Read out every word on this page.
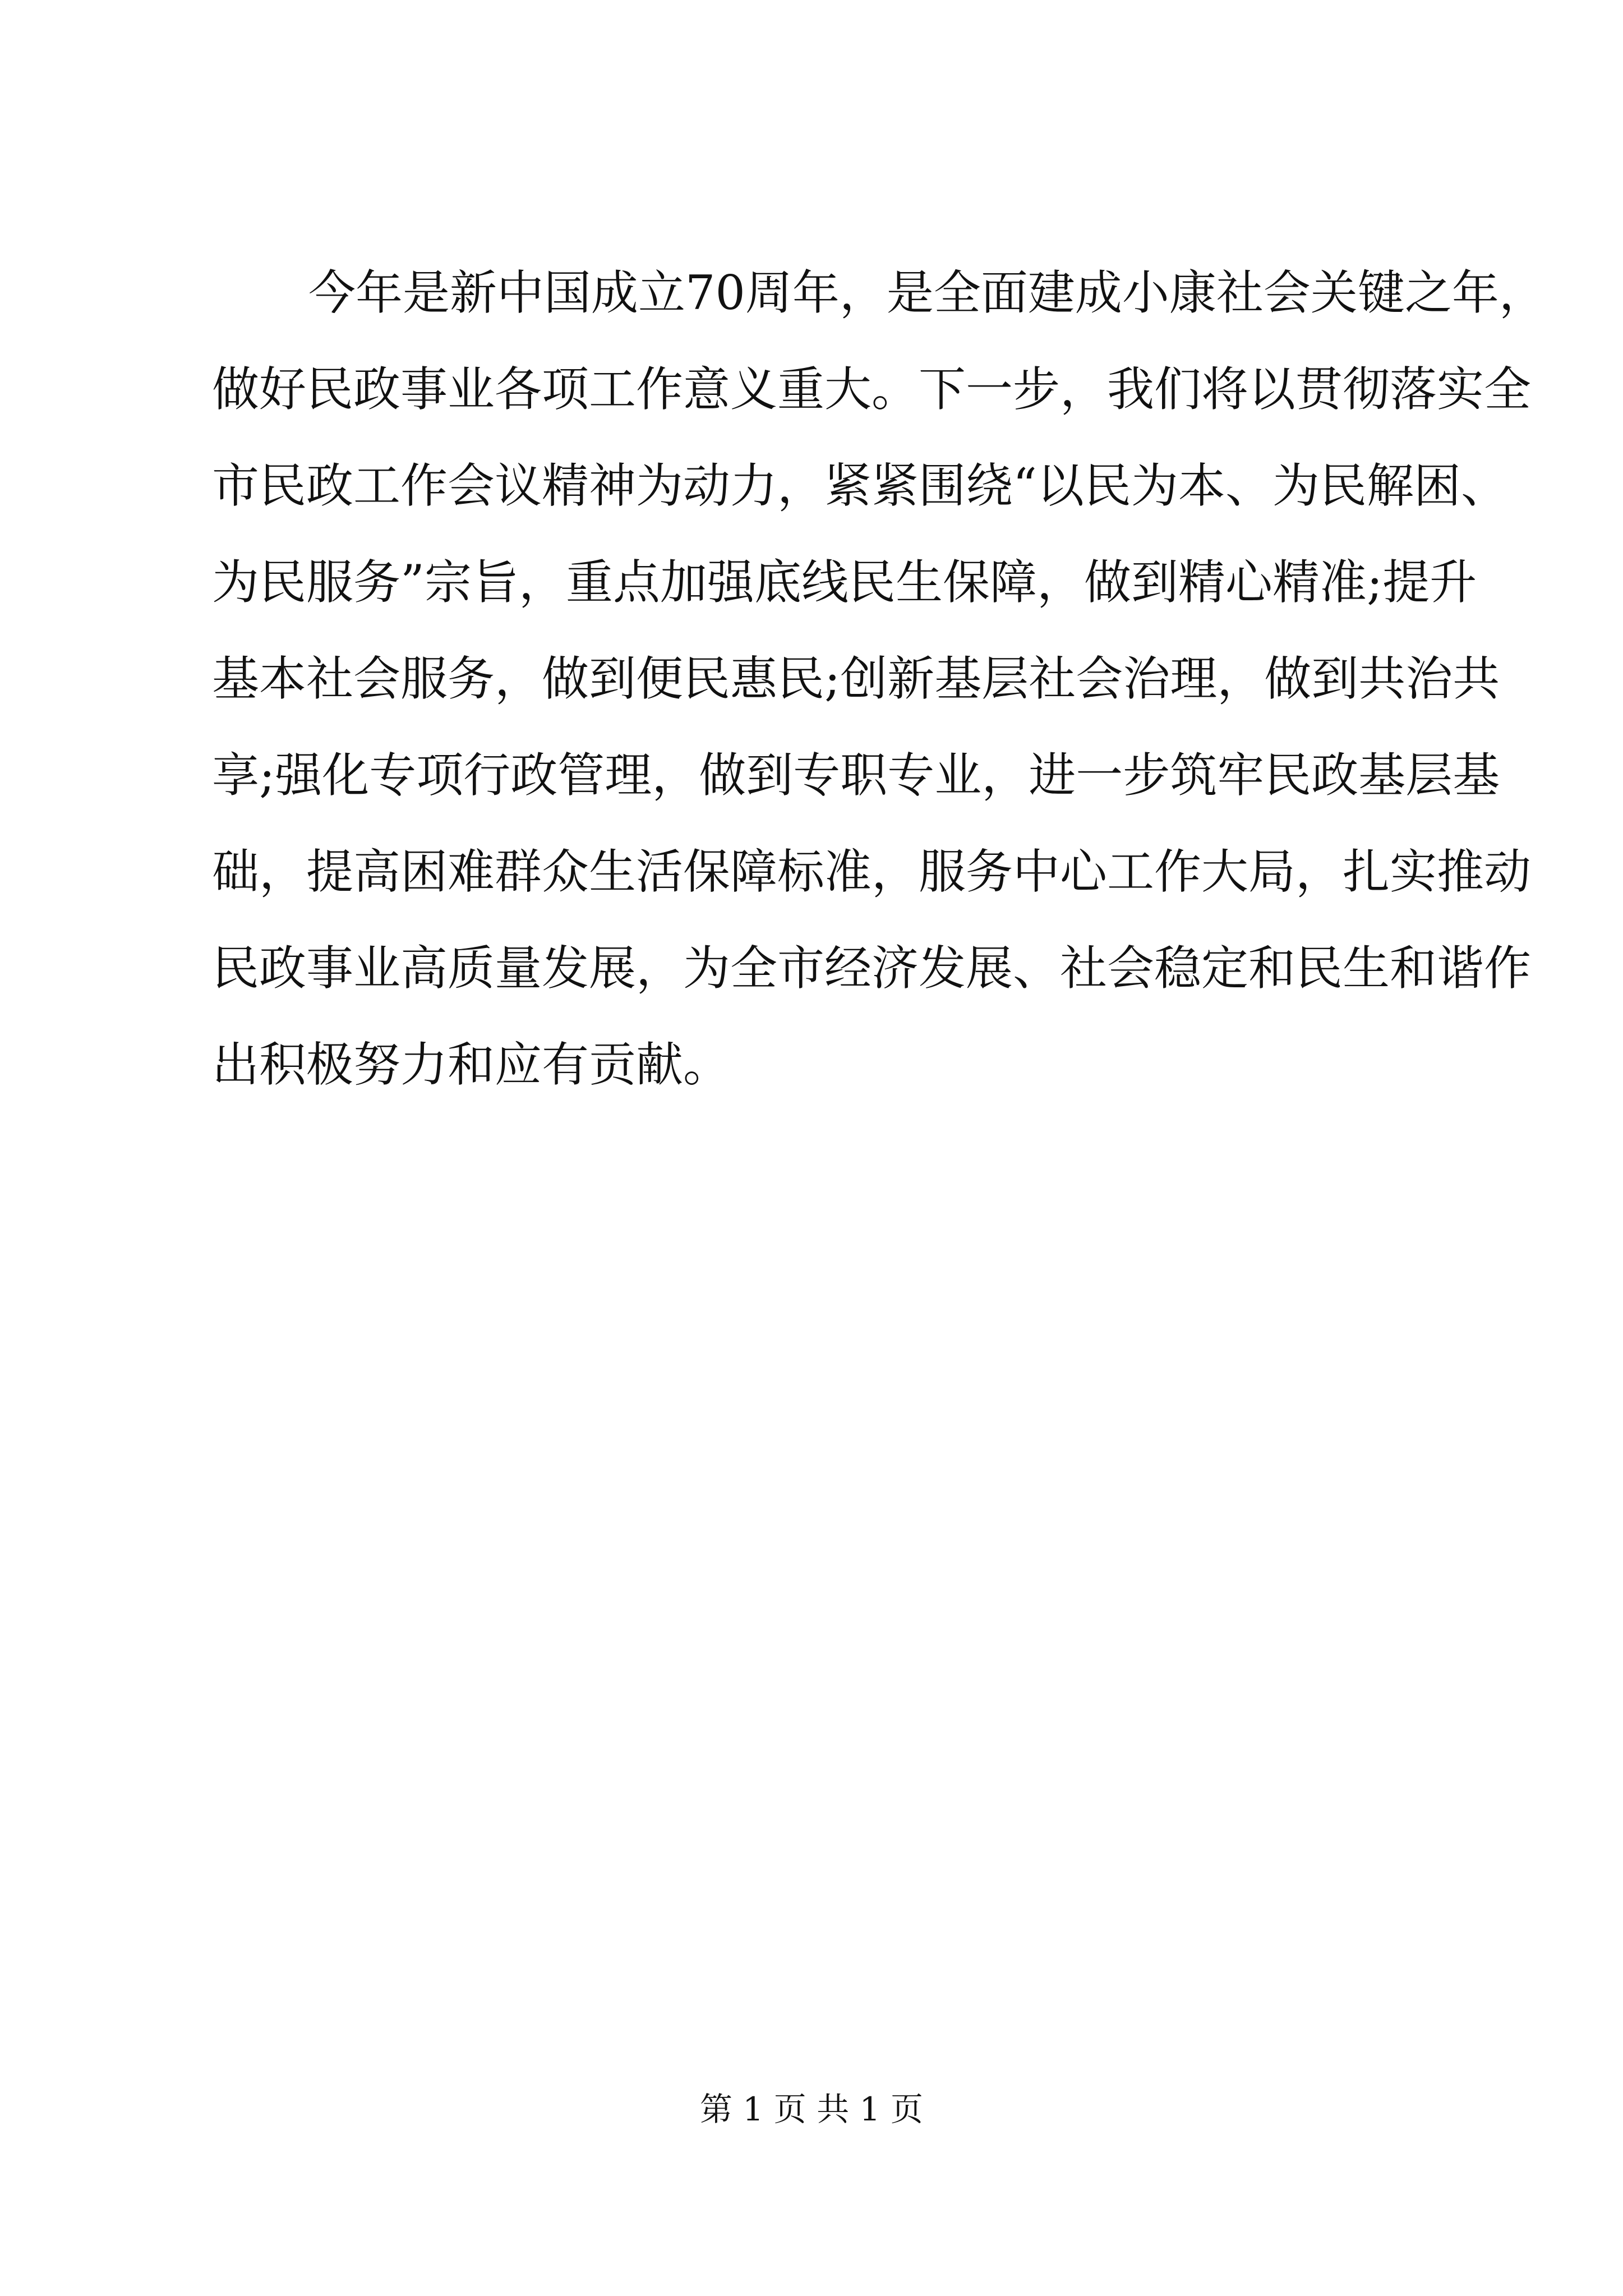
今年是新中国成立70周年，是全面建成小康社会关键之年，
做好民政事业各项工作意义重大。下一步，我们将以贯彻落实全
市民政工作会议精神为动力，紧紧围绕“以民为本、为民解困、
为民服务”宗旨，重点加强底线民生保障，做到精心精准;提升
基本社会服务，做到便民惠民;创新基层社会治理，做到共治共
享;强化专项行政管理，做到专职专业，进一步筑牢民政基层基
础，提高困难群众生活保障标准，服务中心工作大局，扎实推动
民政事业高质量发展，为全市经济发展、社会稳定和民生和谐作
出积极努力和应有贡献。
第 1 页 共 1 页
